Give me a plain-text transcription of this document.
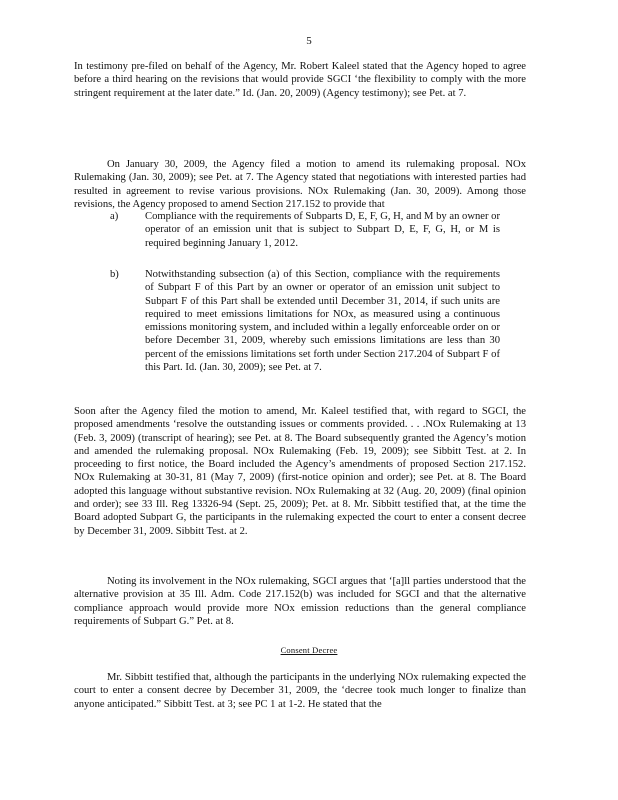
5

In testimony pre-filed on behalf of the Agency, Mr. Robert Kaleel stated that the Agency hoped to agree before a third hearing on the revisions that would provide SGCI ‘the flexibility to comply with the more stringent requirement at the later date.” Id. (Jan. 20, 2009) (Agency testimony); see Pet. at 7.

On January 30, 2009, the Agency filed a motion to amend its rulemaking proposal. NOx Rulemaking (Jan. 30, 2009); see Pet. at 7. The Agency stated that negotiations with interested parties had resulted in agreement to revise various provisions. NOx Rulemaking (Jan. 30, 2009). Among those revisions, the Agency proposed to amend Section 217.152 to provide that

a)	Compliance with the requirements of Subparts D, E, F, G, H, and M by an owner or operator of an emission unit that is subject to Subpart D, E, F, G, H, or M is required beginning January 1, 2012.
b) Notwithstanding subsection (a) of this Section, compliance with the requirements of Subpart F of this Part by an owner or operator of an emission unit subject to Subpart F of this Part shall be extended until December 31, 2014, if such units are required to meet emissions limitations for NOx, as measured using a continuous emissions monitoring system, and included within a legally enforceable order on or before December 31, 2009, whereby such emissions limitations are less than 30 percent of the emissions limitations set forth under Section 217.204 of Subpart F of this Part. Id. (Jan. 30, 2009); see Pet. at 7.

Soon after the Agency filed the motion to amend, Mr. Kaleel testified that, with regard to SGCI, the proposed amendments ‘resolve the outstanding issues or comments provided. . . .NOx Rulemaking at 13 (Feb. 3, 2009) (transcript of hearing); see Pet. at 8. The Board subsequently granted the Agency’s motion and amended the rulemaking proposal. NOx Rulemaking (Feb. 19, 2009); see Sibbitt Test. at 2. In proceeding to first notice, the Board included the Agency’s amendments of proposed Section 217.152. NOx Rulemaking at 30-31, 81 (May 7, 2009) (first-notice opinion and order); see Pet. at 8. The Board adopted this language without substantive revision. NOx Rulemaking at 32 (Aug. 20, 2009) (final opinion and order); see 33 Ill. Reg 13326-94 (Sept. 25, 2009); Pet. at 8. Mr. Sibbitt testified that, at the time the Board adopted Subpart G, the participants in the rulemaking expected the court to enter a consent decree by December 31, 2009. Sibbitt Test. at 2.

Noting its involvement in the NOx rulemaking, SGCI argues that ‘[a]ll parties understood that the alternative provision at 35 Ill. Adm. Code 217.152(b) was included for SGCI and that the alternative compliance approach would provide more NOx emission reductions than the general compliance requirements of Subpart G.” Pet. at 8.

Consent Decree

Mr. Sibbitt testified that, although the participants in the underlying NOx rulemaking expected the court to enter a consent decree by December 31, 2009, the ‘decree took much longer to finalize than anyone anticipated.” Sibbitt Test. at 3; see PC 1 at 1-2. He stated that the
